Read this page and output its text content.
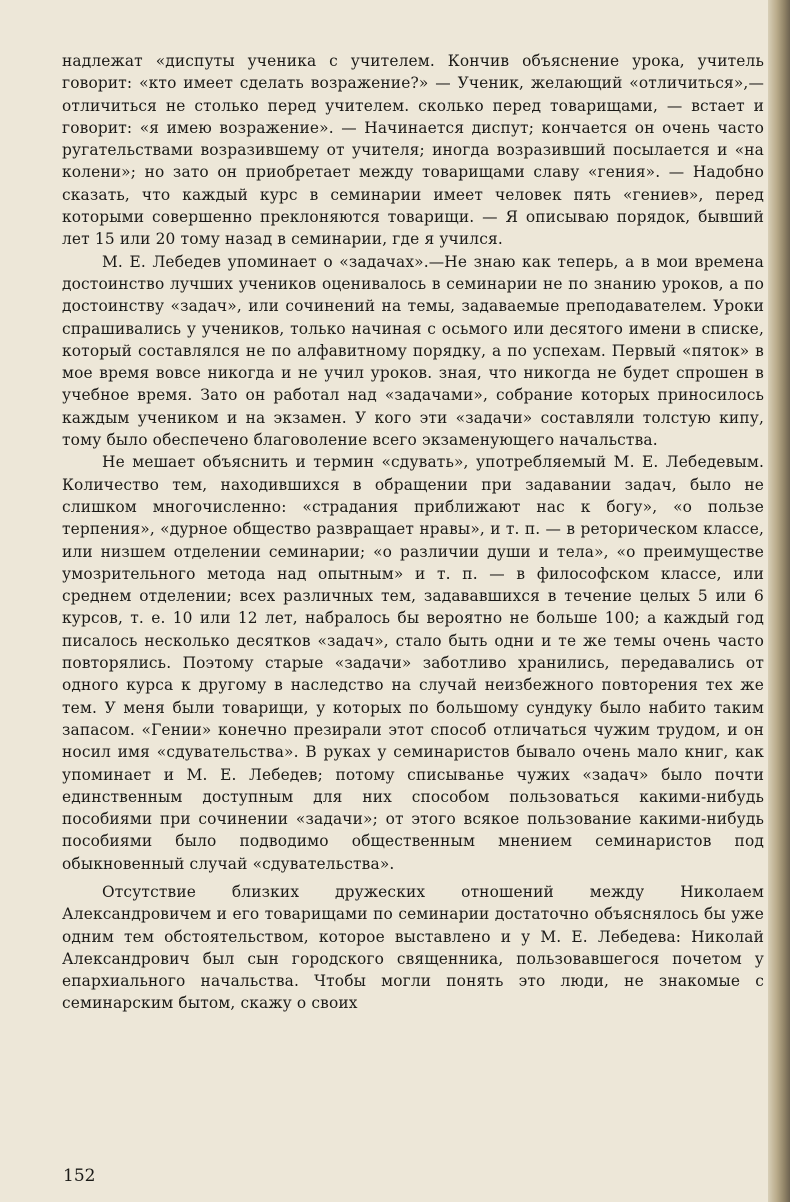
надлежат «диспуты ученика с учителем. Кончив объяснение урока, учитель говорит: «кто имеет сделать возражение?» — Ученик, желающий «отличиться»,—отличиться не столько перед учителем. сколько перед товарищами, — встает и говорит: «я имею возражение». — Начинается диспут; кончается он очень часто ругательствами возразившему от учителя; иногда возразивший посылается и «на колени»; но зато он приобретает между товарищами славу «гения». — Надобно сказать, что каждый курс в семинарии имеет человек пять «гениев», перед которыми совершенно преклоняются товарищи. — Я описываю порядок, бывший лет 15 или 20 тому назад в семинарии, где я учился.

М. Е. Лебедев упоминает о «задачах».—Не знаю как теперь, а в мои времена достоинство лучших учеников оценивалось в семинарии не по знанию уроков, а по достоинству «задач», или сочинений на темы, задаваемые преподавателем. Уроки спрашивались у учеников, только начиная с осьмого или десятого имени в списке, который составлялся не по алфавитному порядку, а по успехам. Первый «пяток» в мое время вовсе никогда и не учил уроков. зная, что никогда не будет спрошен в учебное время. Зато он работал над «задачами», собрание которых приносилось каждым учеником и на экзамен. У кого эти «задачи» составляли толстую кипу, тому было обеспечено благоволение всего экзаменующего начальства.

Не мешает объяснить и термин «сдувать», употребляемый М. Е. Лебедевым. Количество тем, находившихся в обращении при задавании задач, было не слишком многочисленно: «страдания приближают нас к богу», «о пользе терпения», «дурное общество развращает нравы», и т. п. — в реторическом классе, или низшем отделении семинарии; «о различии души и тела», «о преимуществе умозрительного метода над опытным» и т. п. — в философском классе, или среднем отделении; всех различных тем, задававшихся в течение целых 5 или 6 курсов, т. е. 10 или 12 лет, набралось бы вероятно не больше 100; а каждый год писалось несколько десятков «задач», стало быть одни и те же темы очень часто повторялись. Поэтому старые «задачи» заботливо хранились, передавались от одного курса к другому в наследство на случай неизбежного повторения тех же тем. У меня были товарищи, у которых по большому сундуку было набито таким запасом. «Гении» конечно презирали этот способ отличаться чужим трудом, и он носил имя «сдувательства». В руках у семинаристов бывало очень мало книг, как упоминает и М. Е. Лебедев; потому списыванье чужих «задач» было почти единственным доступным для них способом пользоваться какими-нибудь пособиями при сочинении «задачи»; от этого всякое пользование какими-нибудь пособиями было подводимо общественным мнением семинаристов под обыкновенный случай «сдувательства».

Отсутствие близких дружеских отношений между Николаем Александровичем и его товарищами по семинарии достаточно объяснялось бы уже одним тем обстоятельством, которое выставлено и у М. Е. Лебедева: Николай Александрович был сын городского священника, пользовавшегося почетом у епархиального начальства. Чтобы могли понять это люди, не знакомые с семинарским бытом, скажу о своих

152
